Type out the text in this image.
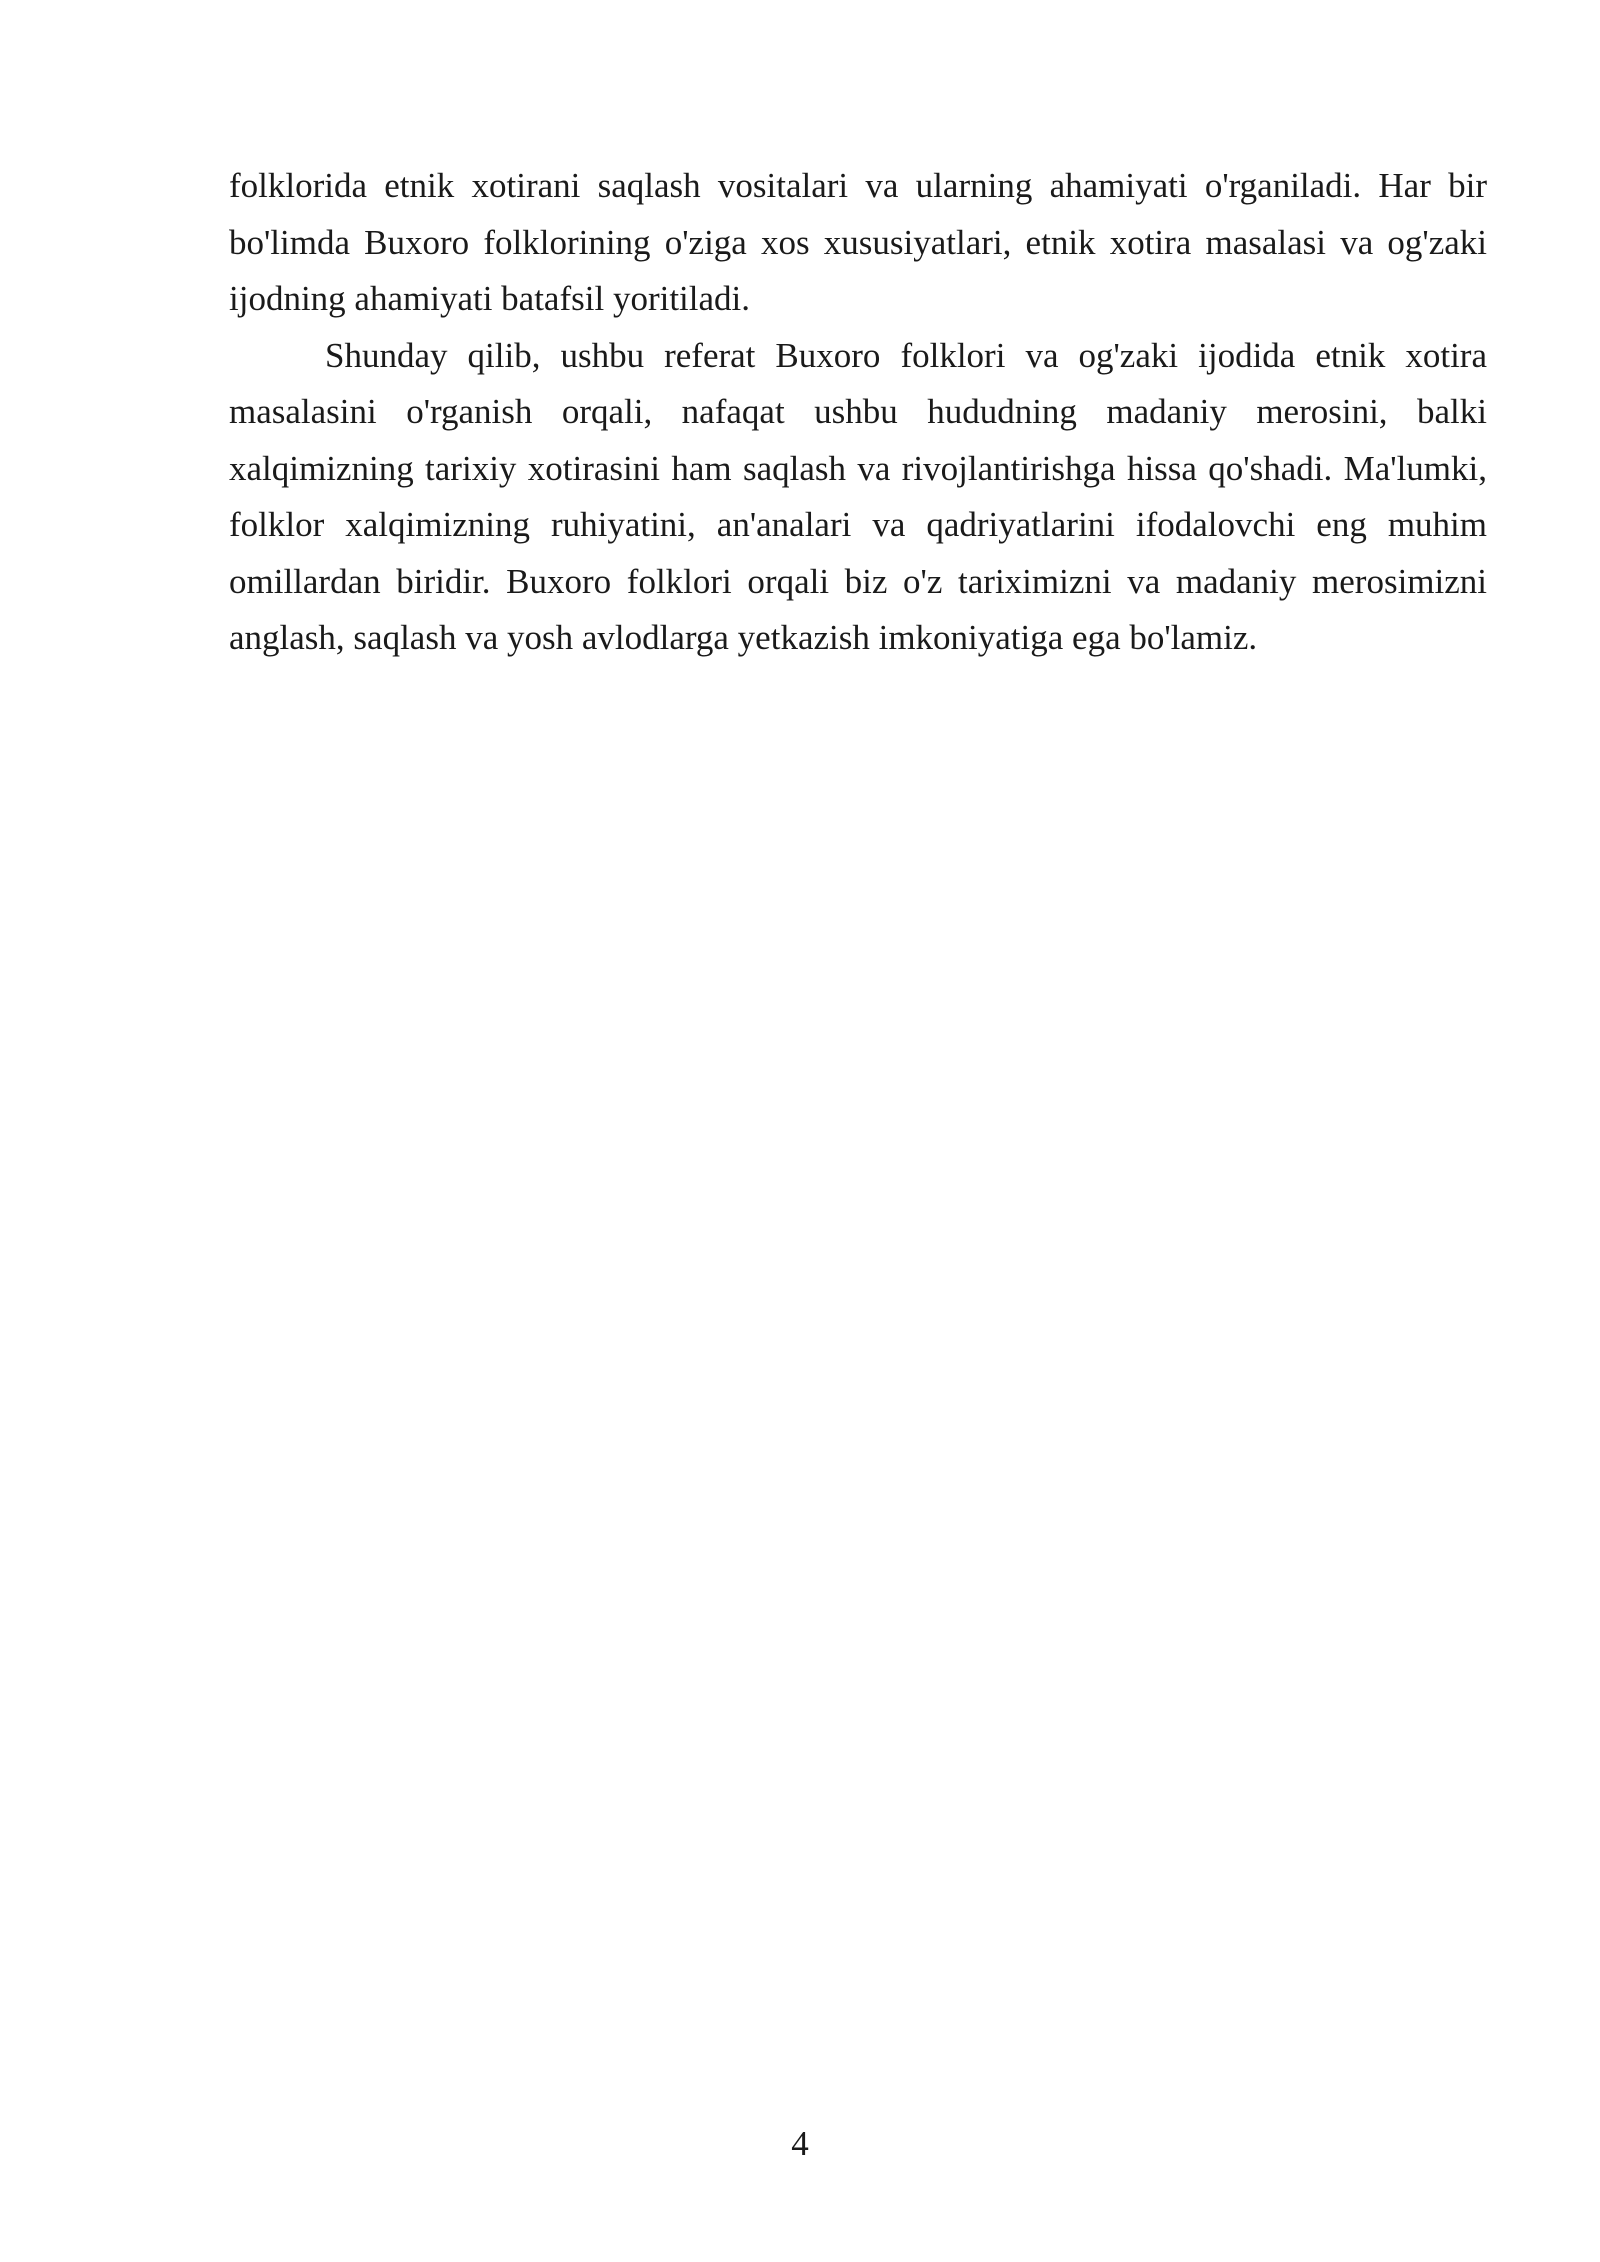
folklorida etnik xotirani saqlash vositalari va ularning ahamiyati o'rganiladi. Har bir bo'limda Buxoro folklorining o'ziga xos xususiyatlari, etnik xotira masalasi va og'zaki ijodning ahamiyati batafsil yoritiladi.

Shunday qilib, ushbu referat Buxoro folklori va og'zaki ijodida etnik xotira masalasini o'rganish orqali, nafaqat ushbu hududning madaniy merosini, balki xalqimizning tarixiy xotirasini ham saqlash va rivojlantirishga hissa qo'shadi. Ma'lumki, folklor xalqimizning ruhiyatini, an'analari va qadriyatlarini ifodalovchi eng muhim omillardan biridir. Buxoro folklori orqali biz o'z tariximizni va madaniy merosimizni anglash, saqlash va yosh avlodlarga yetkazish imkoniyatiga ega bo'lamiz.

4
